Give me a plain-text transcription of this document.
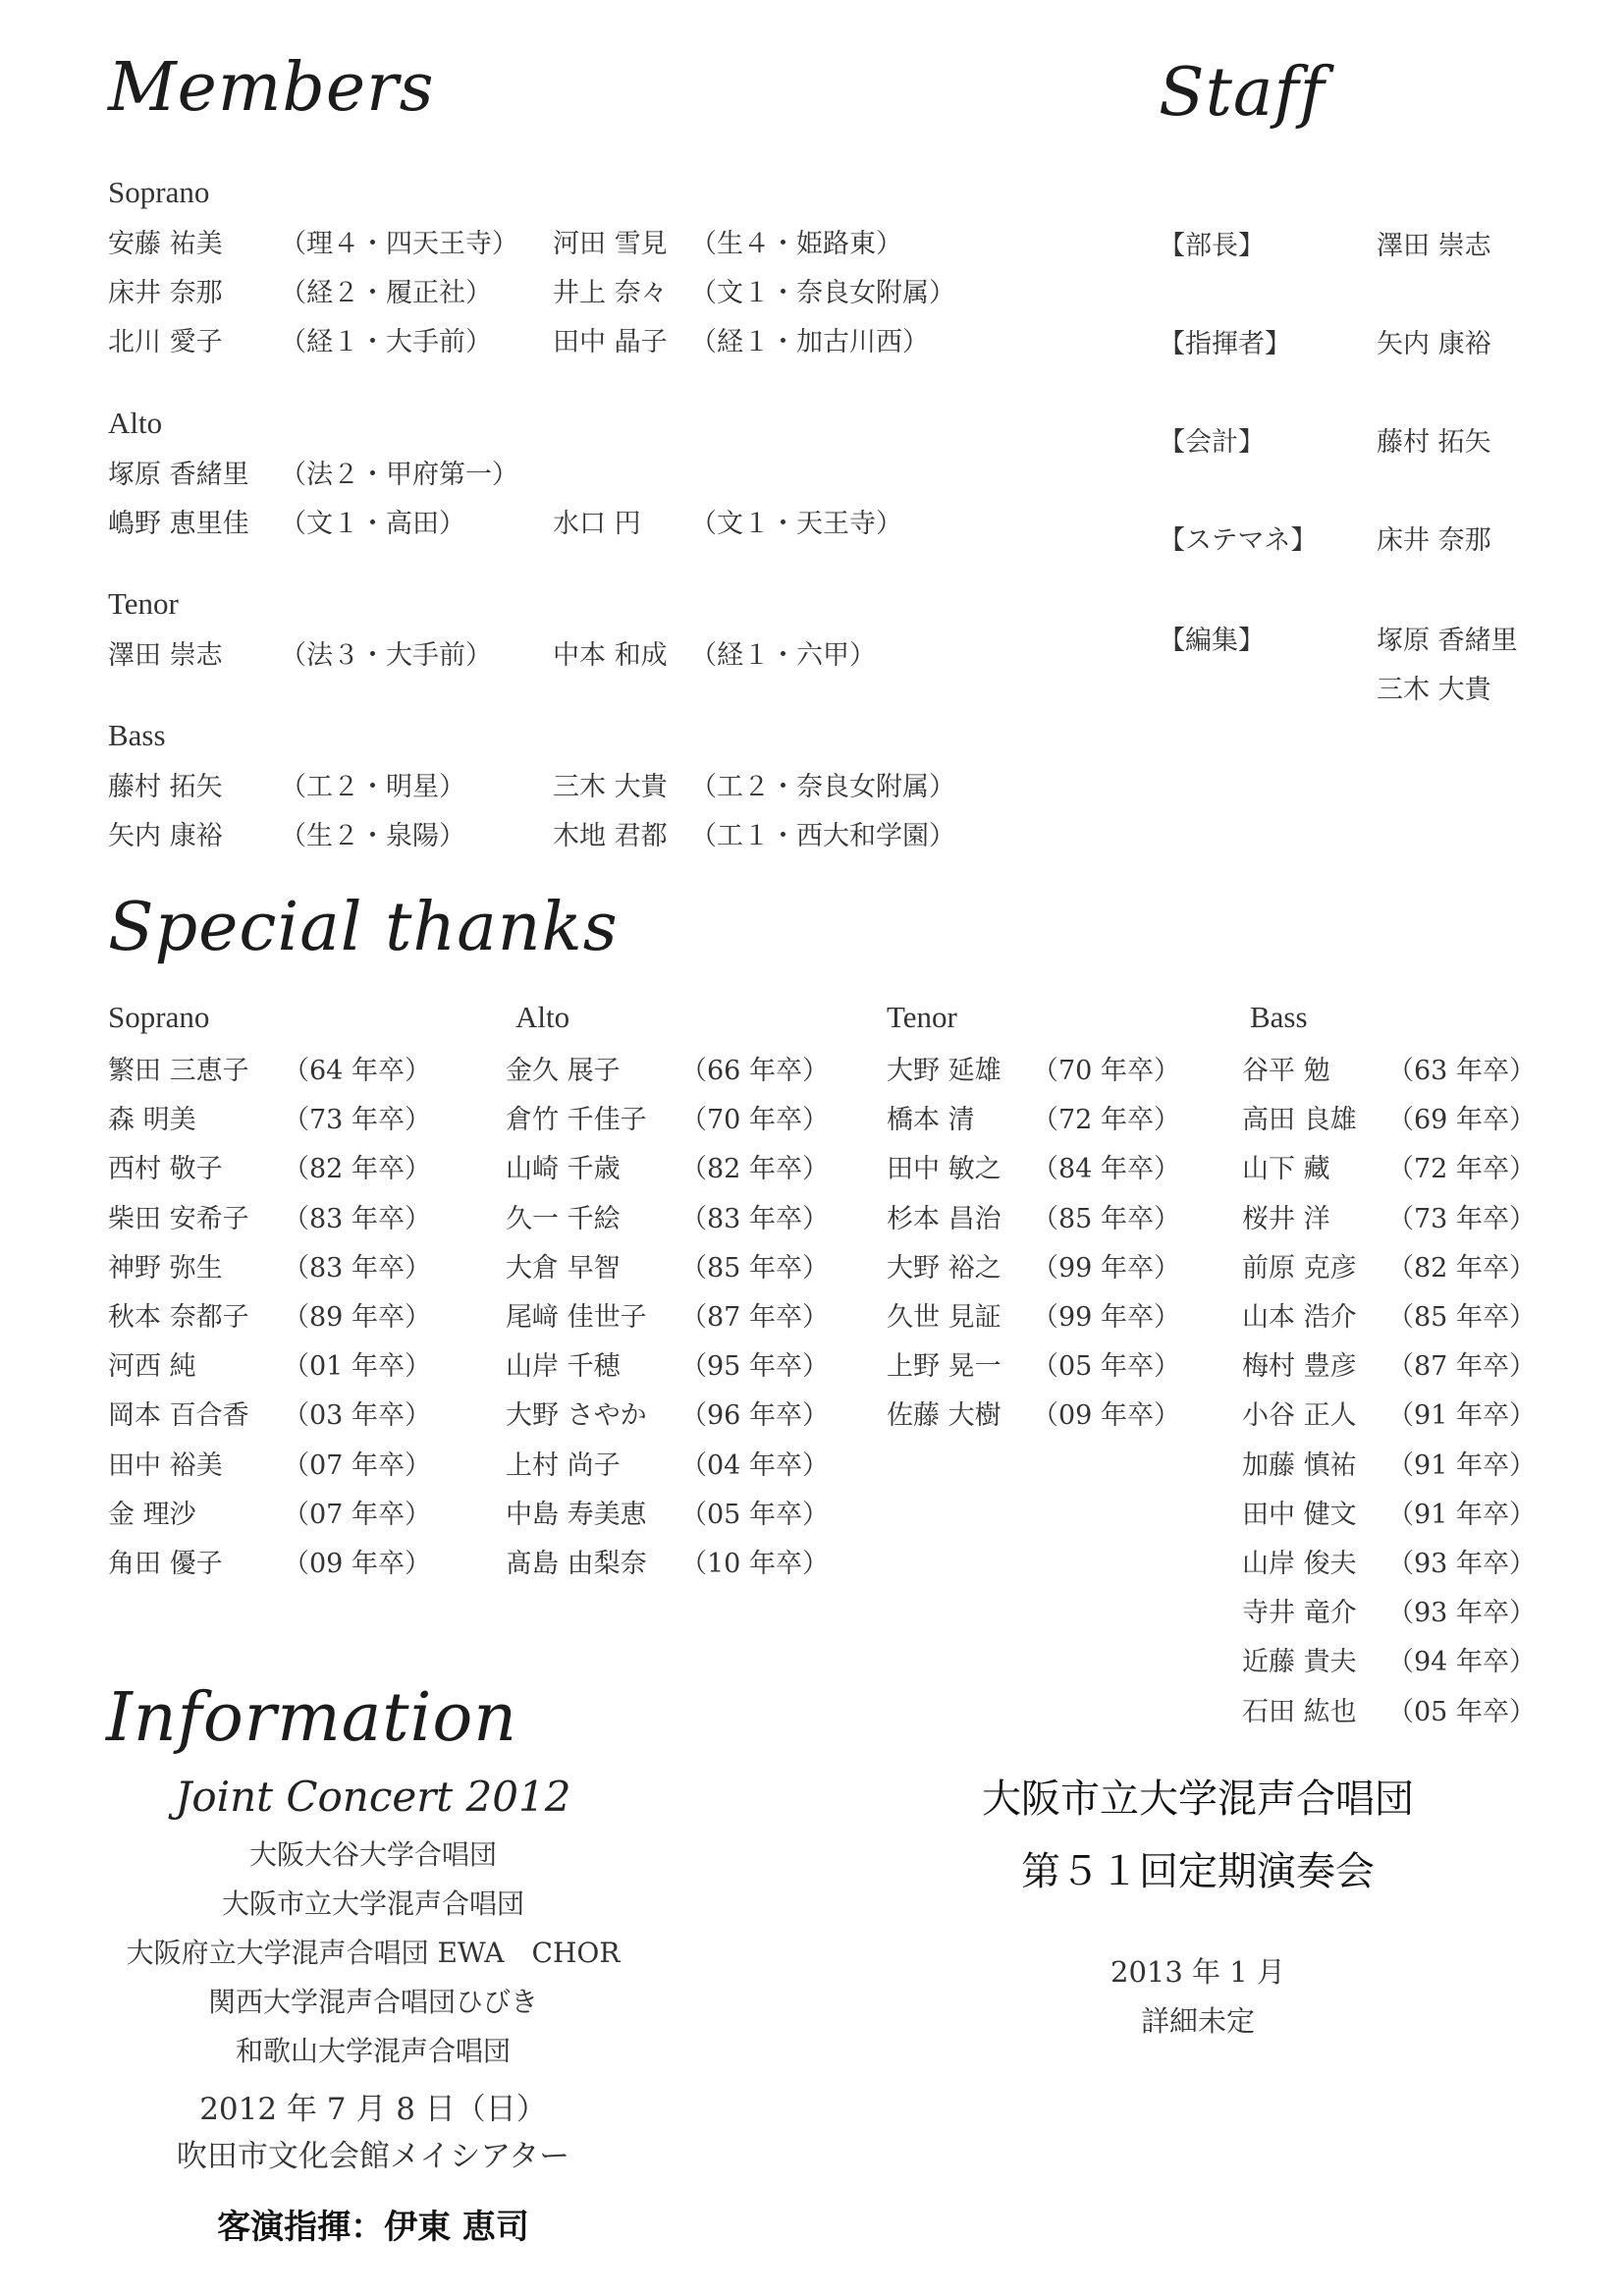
Members
Soprano
安藤 祐美 （理４・四天王寺）	河田 雪見 （生４・姫路東）
床井 奈那 （経２・履正社）	井上 奈々 （文１・奈良女附属）
北川 愛子 （経１・大手前）	田中 晶子 （経１・加古川西）
Alto
塚原 香緒里 （法２・甲府第一）
嶋野 恵里佳 （文１・高田）	水口 円 （文１・天王寺）
Tenor
澤田 崇志 （法３・大手前）	中本 和成 （経１・六甲）
Bass
藤村 拓矢 （工２・明星）	三木 大貴 （工２・奈良女附属）
矢内 康裕 （生２・泉陽）	木地 君都 （工１・西大和学園）
Staff
【部長】	澤田 崇志
【指揮者】	矢内 康裕
【会計】	藤村 拓矢
【ステマネ】 床井 奈那
【編集】	塚原 香緒里
三木 大貴
Special thanks
Soprano
繁田 三恵子 （64 年卒）
森 明美	（73 年卒）
西村 敬子 （82 年卒）
柴田 安希子 （83 年卒）
神野 弥生 （83 年卒）
秋本 奈都子 （89 年卒）
河西 純	（01 年卒）
岡本 百合香 （03 年卒）
田中 裕美 （07 年卒）
金 理沙	（07 年卒）
角田 優子 （09 年卒）
Alto
金久 展子 （66 年卒）
倉竹 千佳子 （70 年卒）
山崎 千歳 （82 年卒）
久一 千絵 （83 年卒）
大倉 早智 （85 年卒）
尾﨑 佳世子 （87 年卒）
山岸 千穂 （95 年卒）
大野 さやか （96 年卒）
上村 尚子 （04 年卒）
中島 寿美恵 （05 年卒）
髙島 由梨奈 （10 年卒）
Tenor
大野 延雄 （70 年卒）
橋本 清 （72 年卒）
田中 敏之 （84 年卒）
杉本 昌治 （85 年卒）
大野 裕之 （99 年卒）
久世 見証 （99 年卒）
上野 晃一 （05 年卒）
佐藤 大樹 （09 年卒）
Bass
谷平 勉 （63 年卒）
高田 良雄 （69 年卒）
山下 藏 （72 年卒）
桜井 洋 （73 年卒）
前原 克彦 （82 年卒）
山本 浩介 （85 年卒）
梅村 豊彦 （87 年卒）
小谷 正人 （91 年卒）
加藤 慎祐 （91 年卒）
田中 健文 （91 年卒）
山岸 俊夫 （93 年卒）
寺井 竜介 （93 年卒）
近藤 貴夫 （94 年卒）
石田 紘也 （05 年卒）
Information
Joint Concert 2012
大阪大谷大学合唱団
大阪市立大学混声合唱団
大阪府立大学混声合唱団 EWA　CHOR
関西大学混声合唱団ひびき
和歌山大学混声合唱団
2012 年 7 月 8 日（日）
吹田市文化会館メイシアター
客演指揮：伊東 恵司
大阪市立大学混声合唱団
第５１回定期演奏会
2013 年 1 月
詳細未定
